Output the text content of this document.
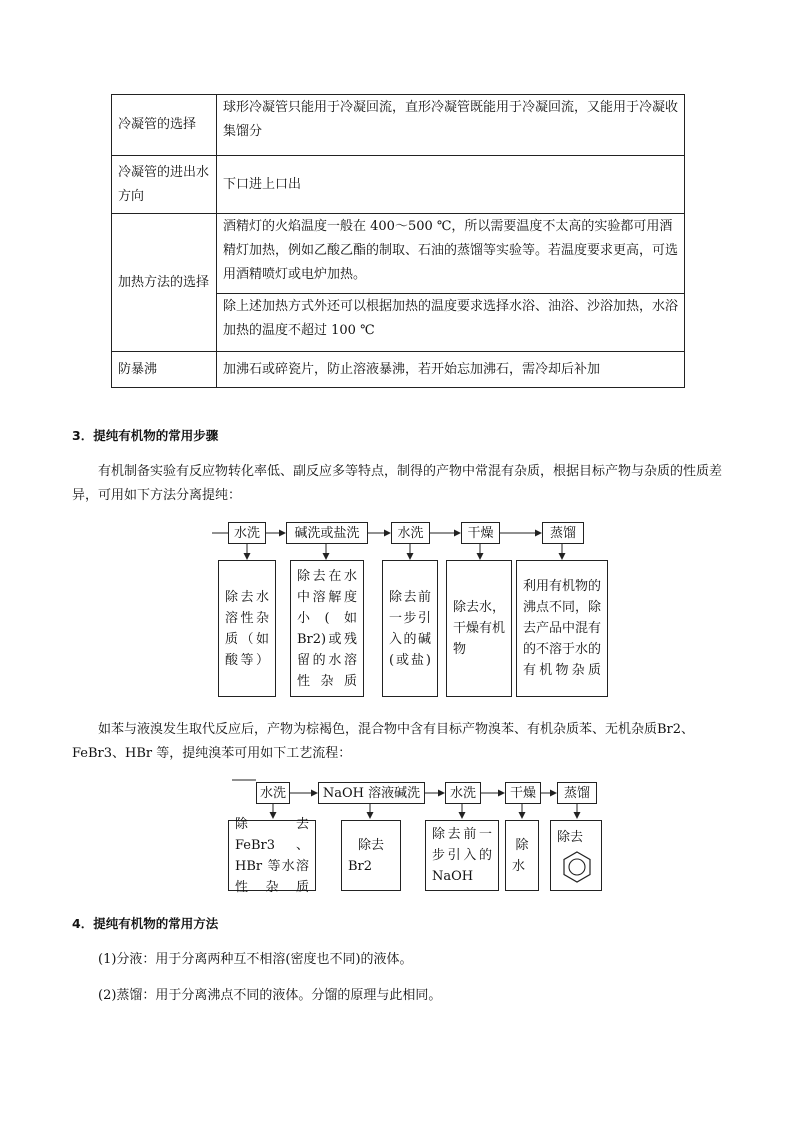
冷凝管的选择	球形冷凝管只能用于冷凝回流，直形冷凝管既能用于冷凝回流，又能用于冷凝收集馏分
冷凝管的进出水方向	下口进上口出
加热方法的选择	酒精灯的火焰温度一般在 400～500 ℃，所以需要温度不太高的实验都可用酒精灯加热，例如乙酸乙酯的制取、石油的蒸馏等实验等。若温度要求更高，可选用酒精喷灯或电炉加热。
	除上述加热方式外还可以根据加热的温度要求选择水浴、油浴、沙浴加热，水浴加热的温度不超过 100 ℃
防暴沸	加沸石或碎瓷片，防止溶液暴沸，若开始忘加沸石，需冷却后补加
3．提纯有机物的常用步骤
有机制备实验有反应物转化率低、副反应多等特点，制得的产物中常混有杂质，根据目标产物与杂质的性质差异，可用如下方法分离提纯：
水洗	碱洗或盐洗	水洗	干燥	蒸馏
除去水溶性杂质（如酸等）
除去在水中溶解度小(如 Br2)或残留的水溶性杂质
除去前一步引入的碱(或盐)
除去水，干燥有机物
利用有机物的沸点不同，除去产品中混有的不溶于水的有机物杂质
如苯与液溴发生取代反应后，产物为棕褐色，混合物中含有目标产物溴苯、有机杂质苯、无机杂质Br2、FeBr3、HBr 等，提纯溴苯可用如下工艺流程：
水洗	NaOH 溶液碱洗	水洗	干燥	蒸馏
除去 FeBr3、HBr 等水溶性杂质
除去 Br2
除去前一步引入的 NaOH
除水
除去
4．提纯有机物的常用方法
(1)分液：用于分离两种互不相溶(密度也不同)的液体。
(2)蒸馏：用于分离沸点不同的液体。分馏的原理与此相同。
